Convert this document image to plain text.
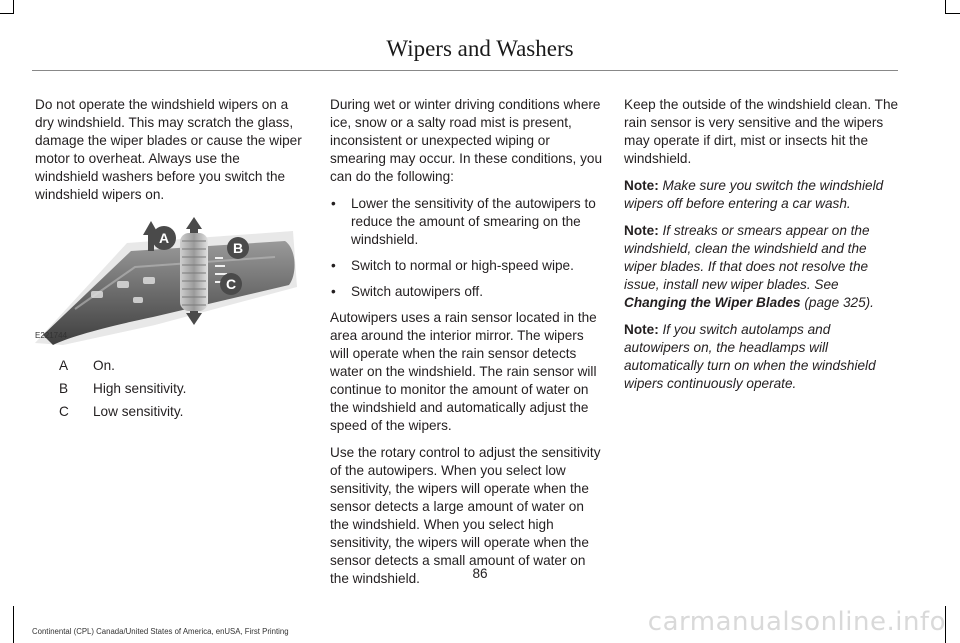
Wipers and Washers

Do not operate the windshield wipers on a dry windshield. This may scratch the glass, damage the wiper blades or cause the wiper motor to overheat. Always use the windshield washers before you switch the windshield wipers on.

A
B
C
E221744
A	On.
B	High sensitivity.
C	Low sensitivity.

During wet or winter driving conditions where ice, snow or a salty road mist is present, inconsistent or unexpected wiping or smearing may occur. In these conditions, you can do the following:

• Lower the sensitivity of the autowipers to reduce the amount of smearing on the windshield.
• Switch to normal or high-speed wipe.
• Switch autowipers off.

Autowipers uses a rain sensor located in the area around the interior mirror. The wipers will operate when the rain sensor detects water on the windshield. The rain sensor will continue to monitor the amount of water on the windshield and automatically adjust the speed of the wipers.

Use the rotary control to adjust the sensitivity of the autowipers. When you select low sensitivity, the wipers will operate when the sensor detects a large amount of water on the windshield. When you select high sensitivity, the wipers will operate when the sensor detects a small amount of water on the windshield.

Keep the outside of the windshield clean. The rain sensor is very sensitive and the wipers may operate if dirt, mist or insects hit the windshield.

Note: Make sure you switch the windshield wipers off before entering a car wash.

Note: If streaks or smears appear on the windshield, clean the windshield and the wiper blades. If that does not resolve the issue, install new wiper blades. See Changing the Wiper Blades (page 325).

Note: If you switch autolamps and autowipers on, the headlamps will automatically turn on when the windshield wipers continuously operate.

86
Continental (CPL) Canada/United States of America, enUSA, First Printing	carmanualsonline.info
